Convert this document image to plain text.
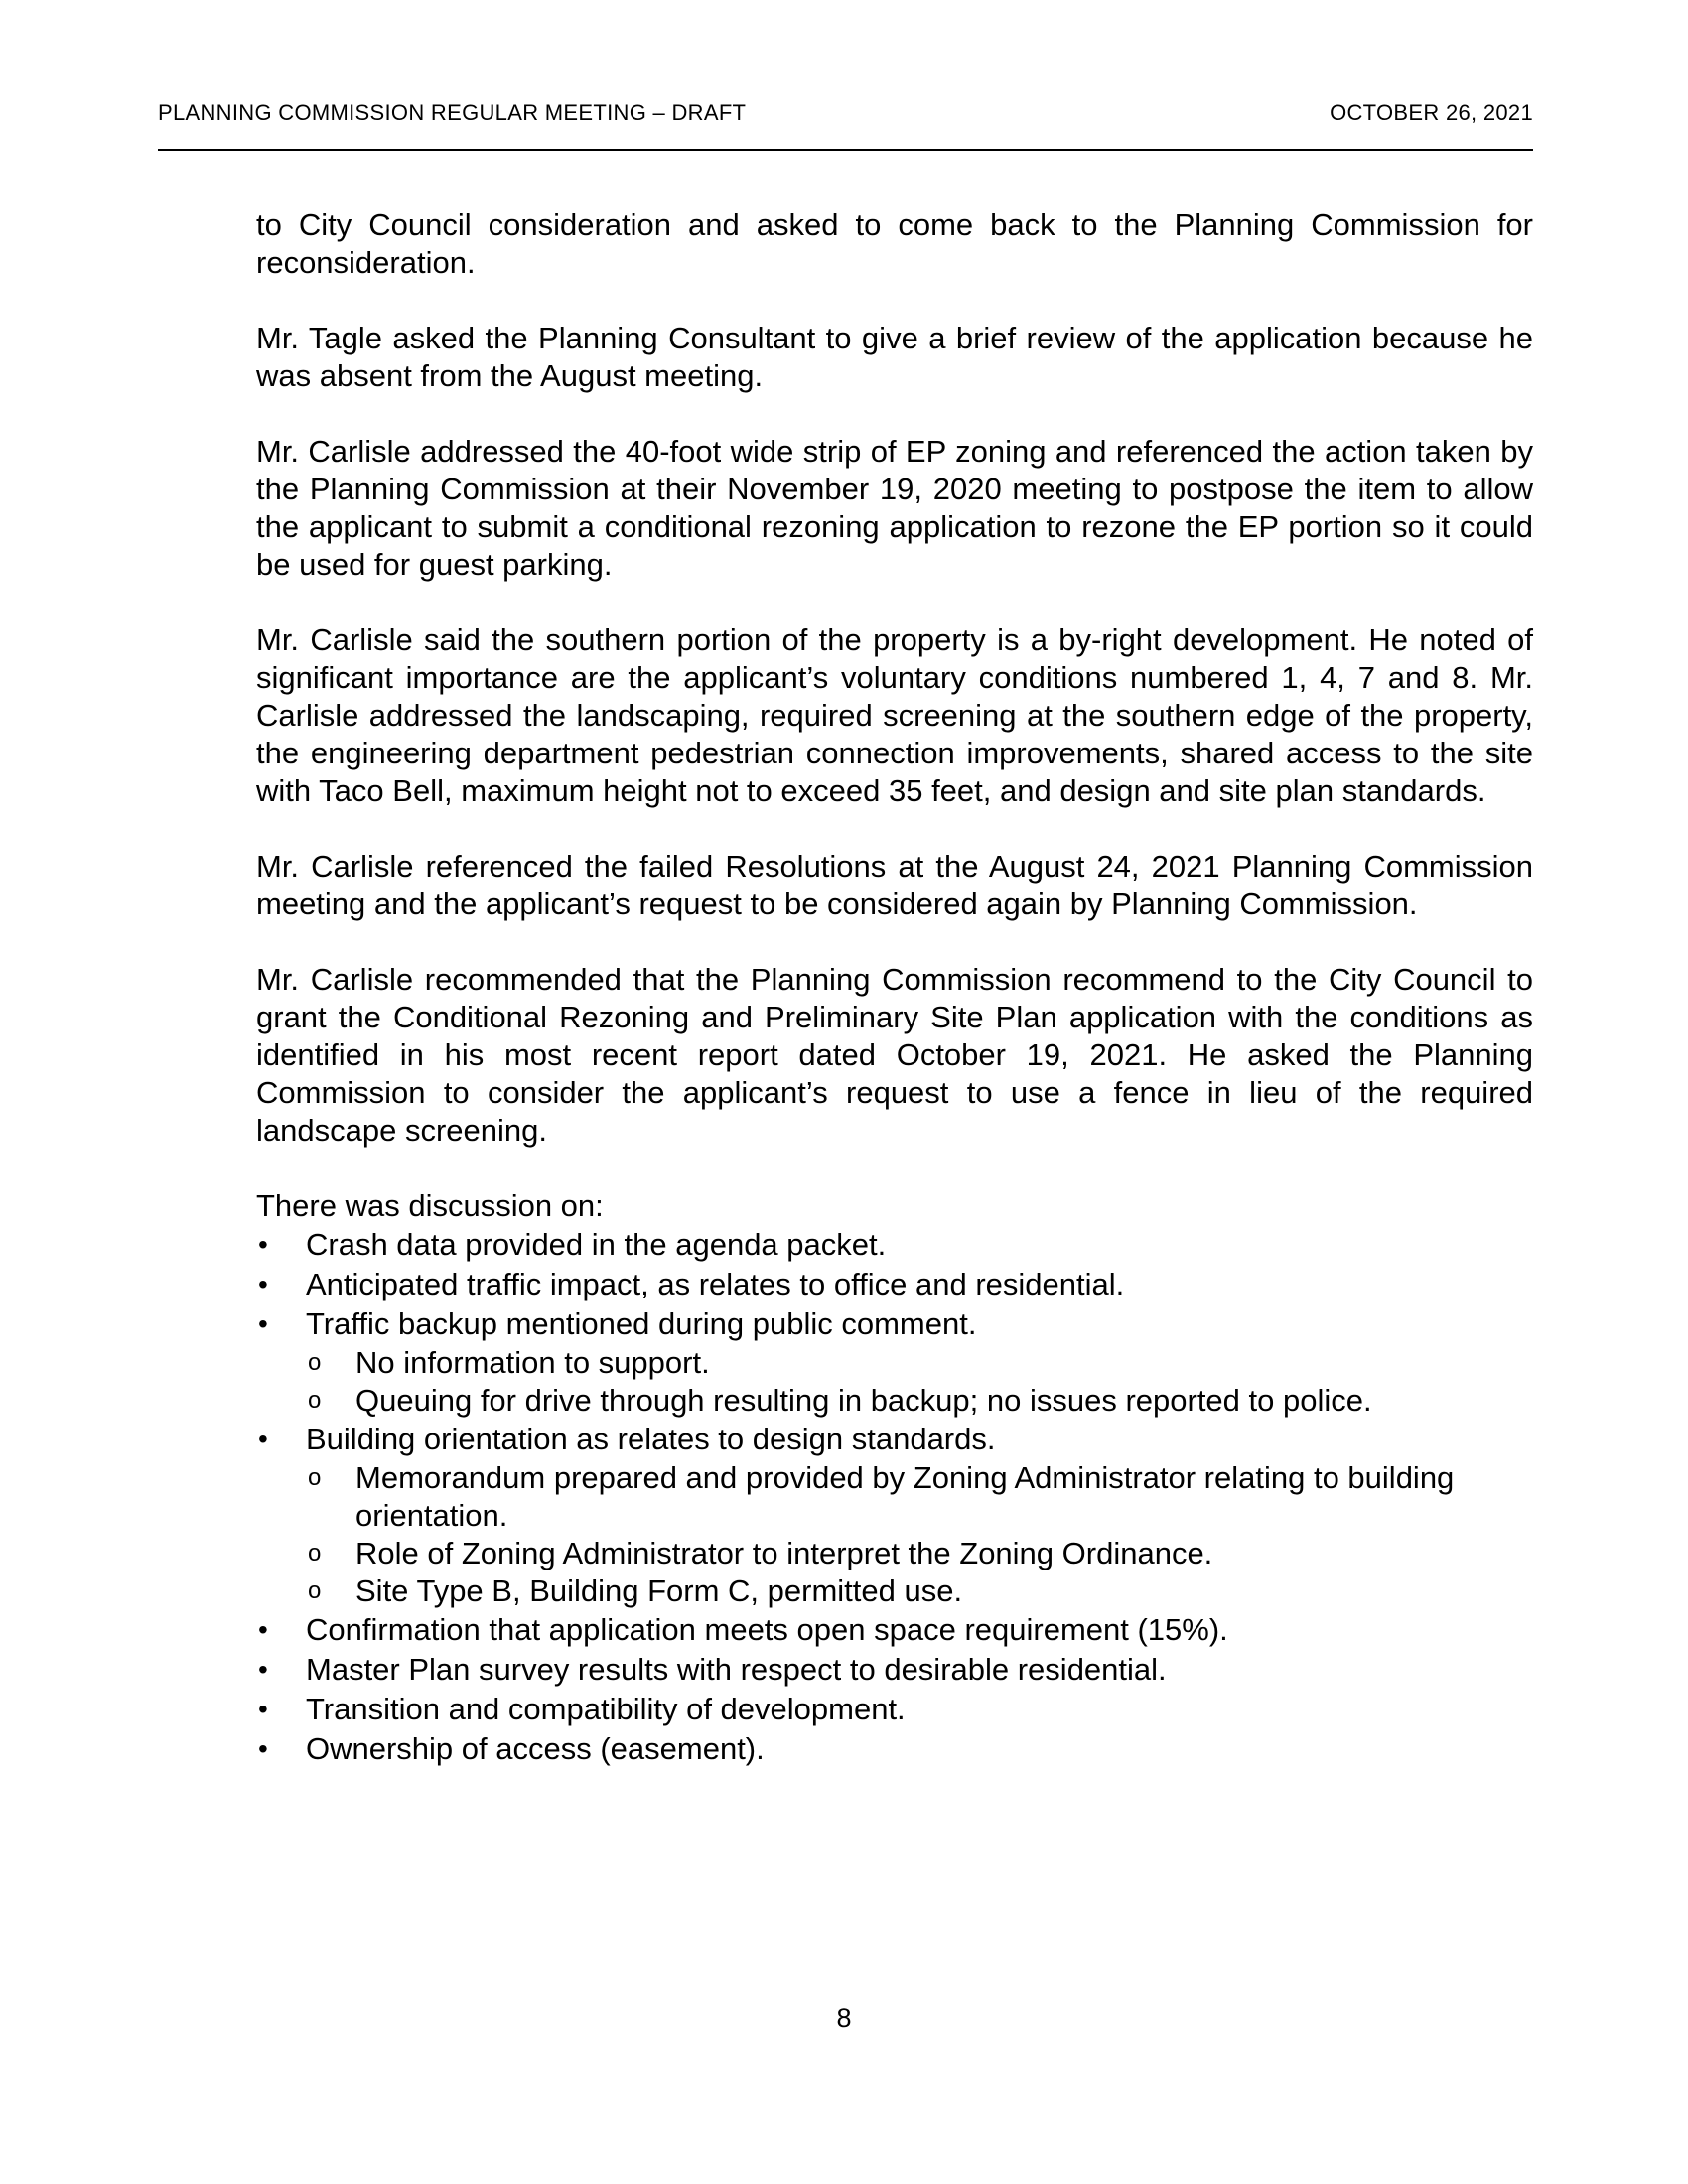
PLANNING COMMISSION REGULAR MEETING – DRAFT	OCTOBER 26, 2021

to City Council consideration and asked to come back to the Planning Commission for reconsideration.

Mr. Tagle asked the Planning Consultant to give a brief review of the application because he was absent from the August meeting.

Mr. Carlisle addressed the 40-foot wide strip of EP zoning and referenced the action taken by the Planning Commission at their November 19, 2020 meeting to postpose the item to allow the applicant to submit a conditional rezoning application to rezone the EP portion so it could be used for guest parking.

Mr. Carlisle said the southern portion of the property is a by-right development. He noted of significant importance are the applicant’s voluntary conditions numbered 1, 4, 7 and 8. Mr. Carlisle addressed the landscaping, required screening at the southern edge of the property, the engineering department pedestrian connection improvements, shared access to the site with Taco Bell, maximum height not to exceed 35 feet, and design and site plan standards.

Mr. Carlisle referenced the failed Resolutions at the August 24, 2021 Planning Commission meeting and the applicant’s request to be considered again by Planning Commission.

Mr. Carlisle recommended that the Planning Commission recommend to the City Council to grant the Conditional Rezoning and Preliminary Site Plan application with the conditions as identified in his most recent report dated October 19, 2021. He asked the Planning Commission to consider the applicant’s request to use a fence in lieu of the required landscape screening.

There was discussion on:

• Crash data provided in the agenda packet.
• Anticipated traffic impact, as relates to office and residential.
• Traffic backup mentioned during public comment.
o No information to support.
o Queuing for drive through resulting in backup; no issues reported to police.
• Building orientation as relates to design standards.
o Memorandum prepared and provided by Zoning Administrator relating to building orientation.
o Role of Zoning Administrator to interpret the Zoning Ordinance.
o Site Type B, Building Form C, permitted use.
• Confirmation that application meets open space requirement (15%).
• Master Plan survey results with respect to desirable residential.
• Transition and compatibility of development.
• Ownership of access (easement).
8
